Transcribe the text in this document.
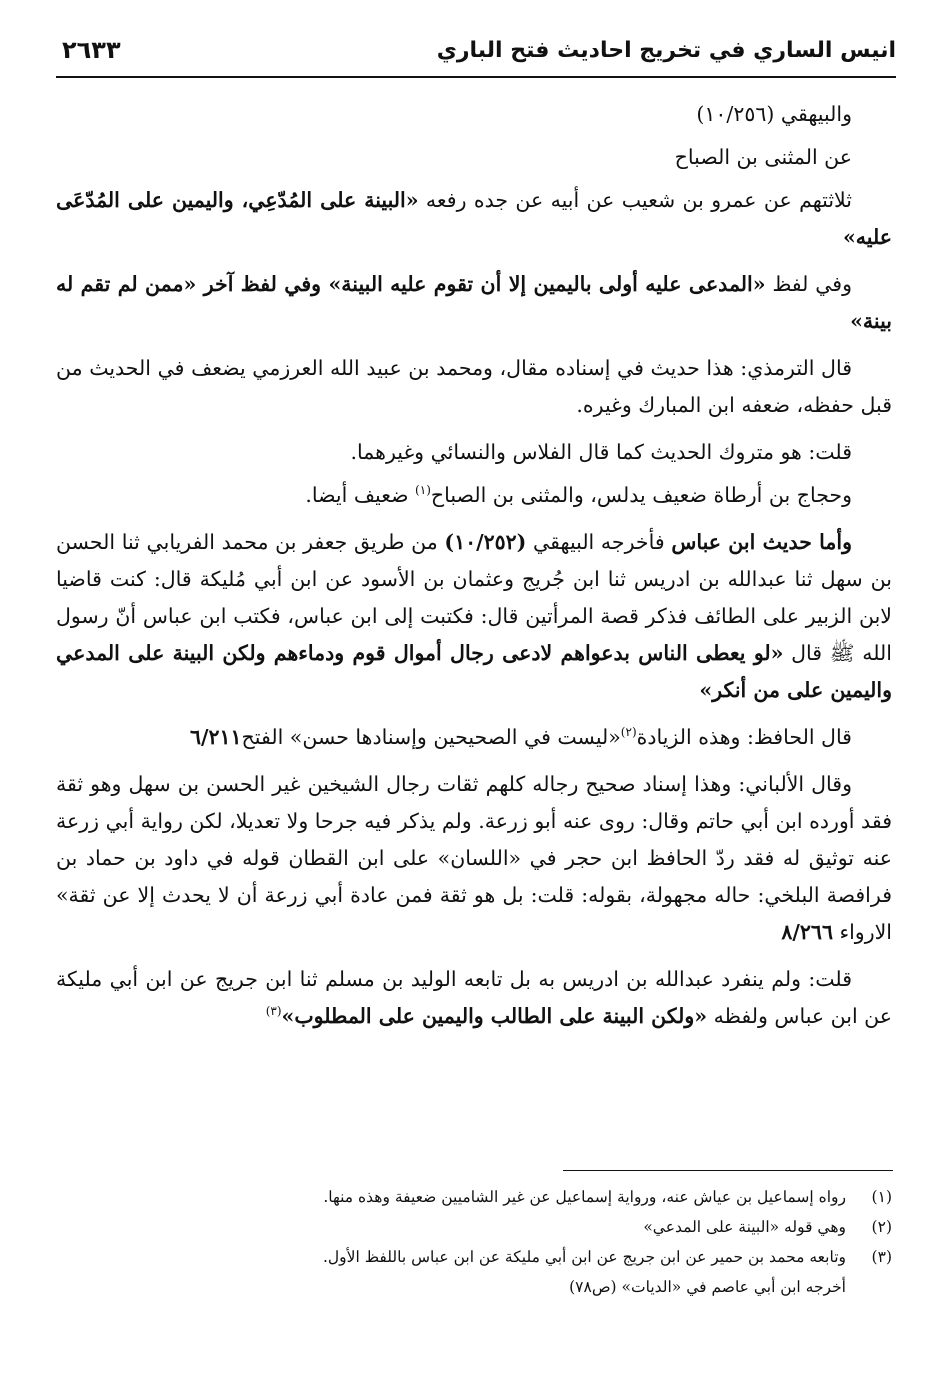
انيس الساري في تخريج احاديث فتح الباري
٢٦٣٣

والبيهقي (١٠/٢٥٦)

عن المثنى بن الصباح

ثلاثتهم عن عمرو بن شعيب عن أبيه عن جده رفعه «البينة على المُدّعِي، واليمين على المُدّعَى عليه»

وفي لفظ «المدعى عليه أولى باليمين إلا أن تقوم عليه البينة» وفي لفظ آخر «ممن لم تقم له بينة»

قال الترمذي: هذا حديث في إسناده مقال، ومحمد بن عبيد الله العرزمي يضعف في الحديث من قبل حفظه، ضعفه ابن المبارك وغيره.

قلت: هو متروك الحديث كما قال الفلاس والنسائي وغيرهما.

وحجاج بن أرطاة ضعيف يدلس، والمثنى بن الصباح$^{(١)}$ ضعيف أيضا.

وأما حديث ابن عباس فأخرجه البيهقي (١٠/٢٥٢) من طريق جعفر بن محمد الفريابي ثنا الحسن بن سهل ثنا عبدالله بن ادريس ثنا ابن جُريج وعثمان بن الأسود عن ابن أبي مُليكة قال: كنت قاضيا لابن الزبير على الطائف فذكر قصة المرأتين قال: فكتبت إلى ابن عباس، فكتب ابن عباس أنّ رسول الله ﷺ قال «لو يعطى الناس بدعواهم لادعى رجال أموال قوم ودماءهم ولكن البينة على المدعي واليمين على من أنكر»

قال الحافظ: وهذه الزيادة$^{(٢)}$«ليست في الصحيحين وإسنادها حسن» الفتح٦/٢١١

وقال الألباني: وهذا إسناد صحيح رجاله كلهم ثقات رجال الشيخين غير الحسن بن سهل وهو ثقة فقد أورده ابن أبي حاتم وقال: روى عنه أبو زرعة. ولم يذكر فيه جرحا ولا تعديلا، لكن رواية أبي زرعة عنه توثيق له فقد ردّ الحافظ ابن حجر في «اللسان» على ابن القطان قوله في داود بن حماد بن فرافصة البلخي: حاله مجهولة، بقوله: قلت: بل هو ثقة فمن عادة أبي زرعة أن لا يحدث إلا عن ثقة» الارواء ٨/٢٦٦

قلت: ولم ينفرد عبدالله بن ادريس به بل تابعه الوليد بن مسلم ثنا ابن جريج عن ابن أبي مليكة عن ابن عباس ولفظه «ولكن البينة على الطالب واليمين على المطلوب»$^{(٣)}$

(١)
رواه إسماعيل بن عياش عنه، ورواية إسماعيل عن غير الشاميين ضعيفة وهذه منها.
(٢)
وهي قوله «البينة على المدعي»
(٣)
وتابعه محمد بن حمير عن ابن جريج عن ابن أبي مليكة عن ابن عباس باللفظ الأول.
أخرجه ابن أبي عاصم في «الديات» (ص٧٨)
